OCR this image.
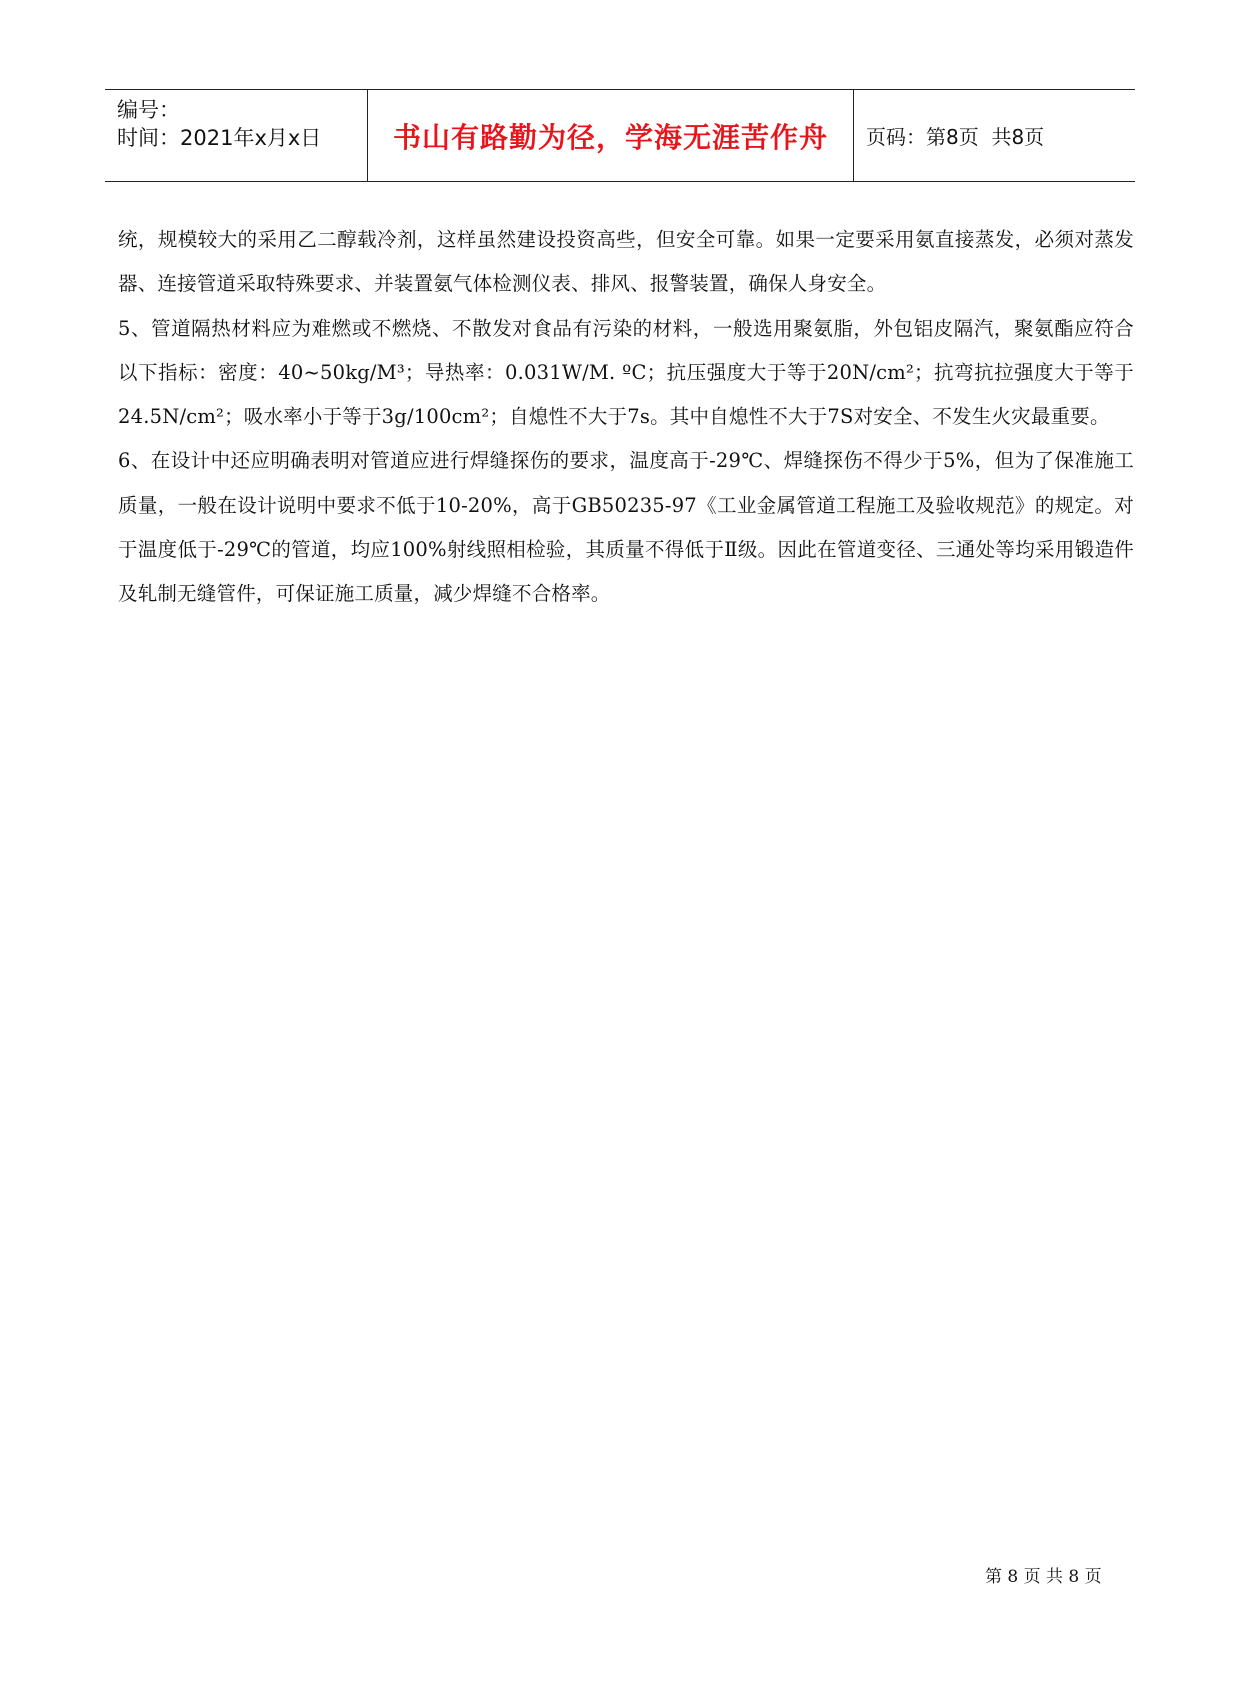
编号：
时间：2021年x月x日	书山有路勤为径，学海无涯苦作舟 页码：第8页  共8页

统，规模较大的采用乙二醇载冷剂，这样虽然建设投资高些，但安全可靠。如果一定要采用氨直接蒸发，必须对蒸发器、连接管道采取特殊要求、并装置氨气体检测仪表、排风、报警装置，确保人身安全。

5、管道隔热材料应为难燃或不燃烧、不散发对食品有污染的材料，一般选用聚氨脂，外包铝皮隔汽，聚氨酯应符合以下指标：密度：40~50kg/M³；导热率：0.031W/M. ºC；抗压强度大于等于20N/cm²；抗弯抗拉强度大于等于24.5N/cm²；吸水率小于等于3g/100cm²；自熄性不大于7s。其中自熄性不大于7S对安全、不发生火灾最重要。

6、在设计中还应明确表明对管道应进行焊缝探伤的要求，温度高于-29℃、焊缝探伤不得少于5%，但为了保准施工质量，一般在设计说明中要求不低于10-20%，高于GB50235-97《工业金属管道工程施工及验收规范》的规定。对于温度低于-29℃的管道，均应100%射线照相检验，其质量不得低于Ⅱ级。因此在管道变径、三通处等均采用锻造件及轧制无缝管件，可保证施工质量，减少焊缝不合格率。

第 8 页 共 8 页
